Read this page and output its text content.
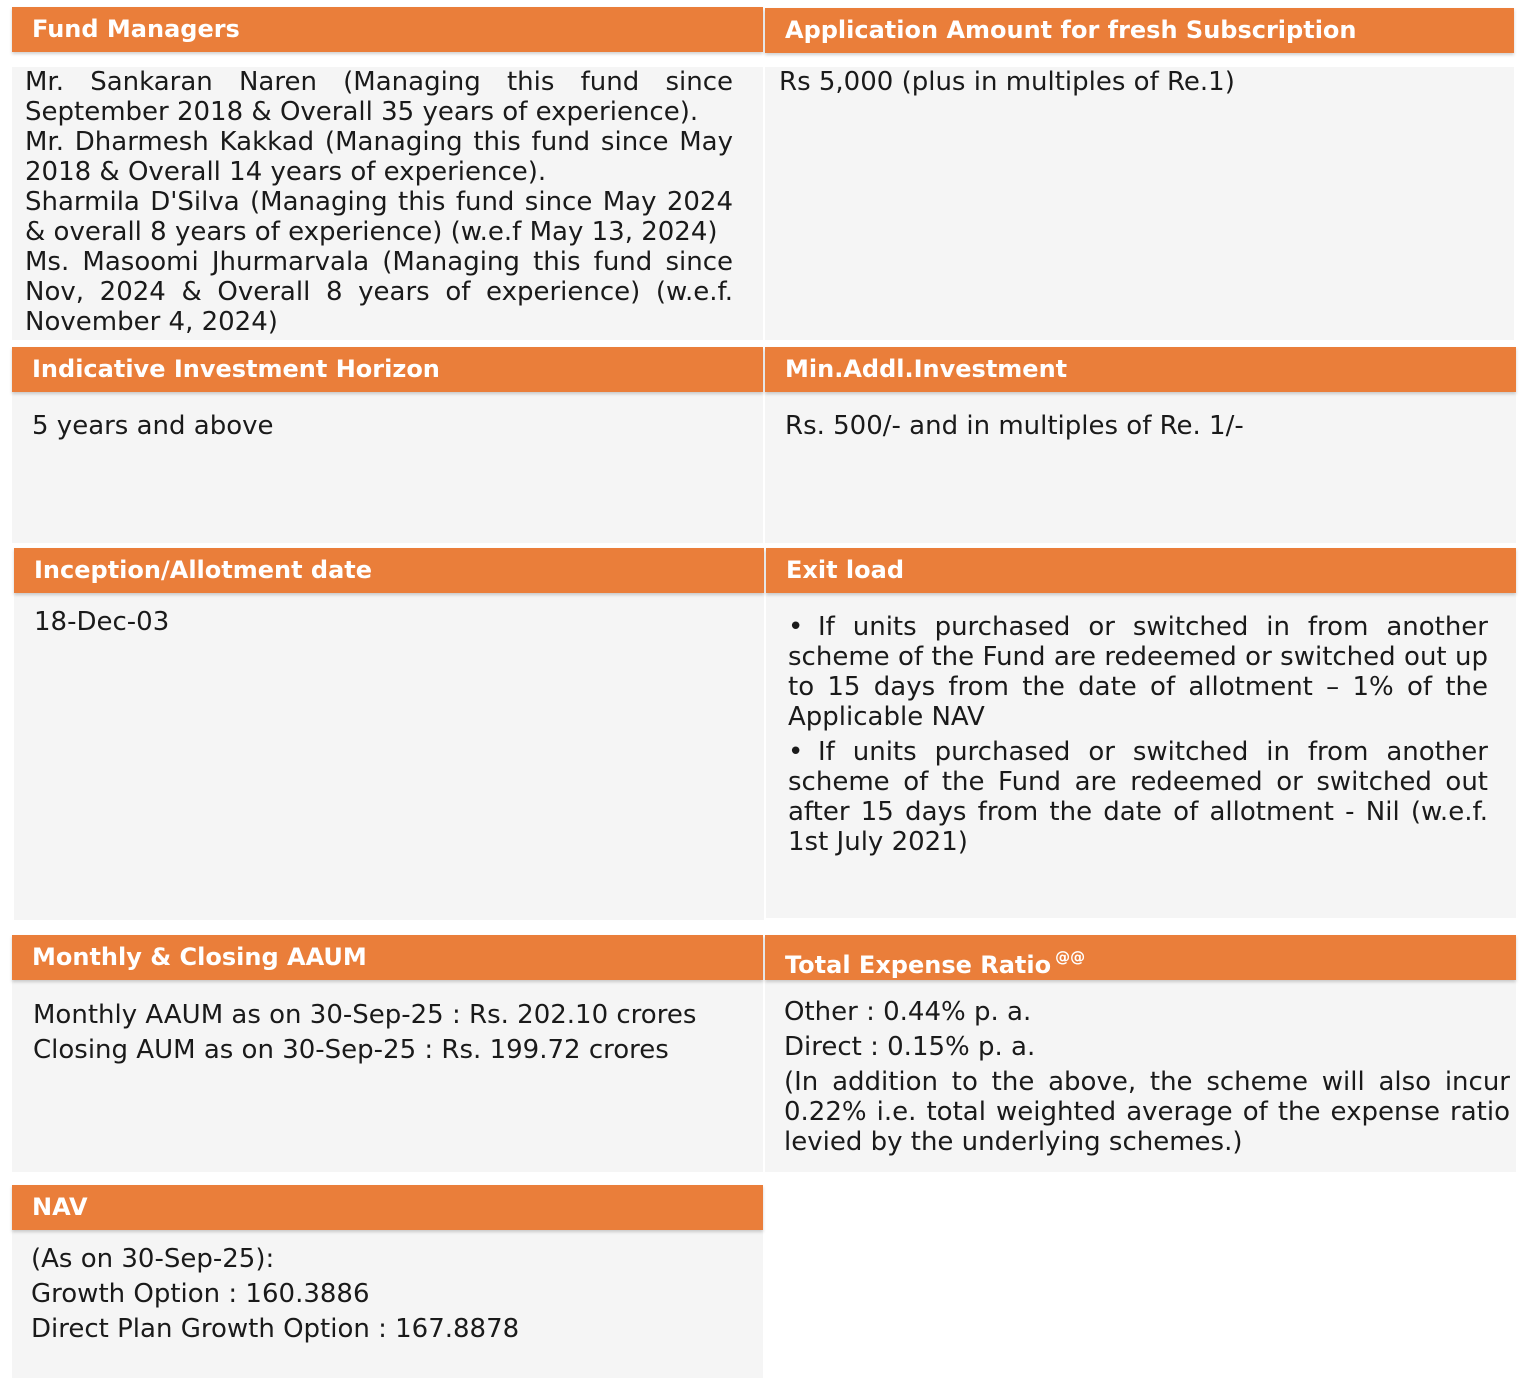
Mr. Sankaran Naren (Managing this fund since September 2018 & Overall 35 years of experience).
Mr. Dharmesh Kakkad (Managing this fund since May 2018 & Overall 14 years of experience).
Sharmila D'Silva (Managing this fund since May 2024 & overall 8 years of experience) (w.e.f May 13, 2024)
Ms. Masoomi Jhurmarvala (Managing this fund since Nov, 2024 & Overall 8 years of experience) (w.e.f. November 4, 2024)
Fund Managers
Rs 5,000 (plus in multiples of Re.1)
Application Amount for fresh Subscription
5 years and above
Indicative Investment Horizon
Rs. 500/- and in multiples of Re. 1/-
Min.Addl.Investment
18-Dec-03
Inception/Allotment date
• If units purchased or switched in from another scheme of the Fund are redeemed or switched out up to 15 days from the date of allotment – 1% of the Applicable NAV
• If units purchased or switched in from another scheme of the Fund are redeemed or switched out after 15 days from the date of allotment - Nil (w.e.f. 1st July 2021)
Exit load
Monthly AAUM as on 30-Sep-25 : Rs. 202.10 crores
Closing AUM as on 30-Sep-25 : Rs. 199.72 crores
Monthly & Closing AAUM
Other : 0.44% p. a.
Direct : 0.15% p. a.
(In addition to the above, the scheme will also incur 0.22% i.e. total weighted average of the expense ratio levied by the underlying schemes.)
Total Expense Ratio @@
(As on 30-Sep-25):
Growth Option : 160.3886
Direct Plan Growth Option : 167.8878
NAV
